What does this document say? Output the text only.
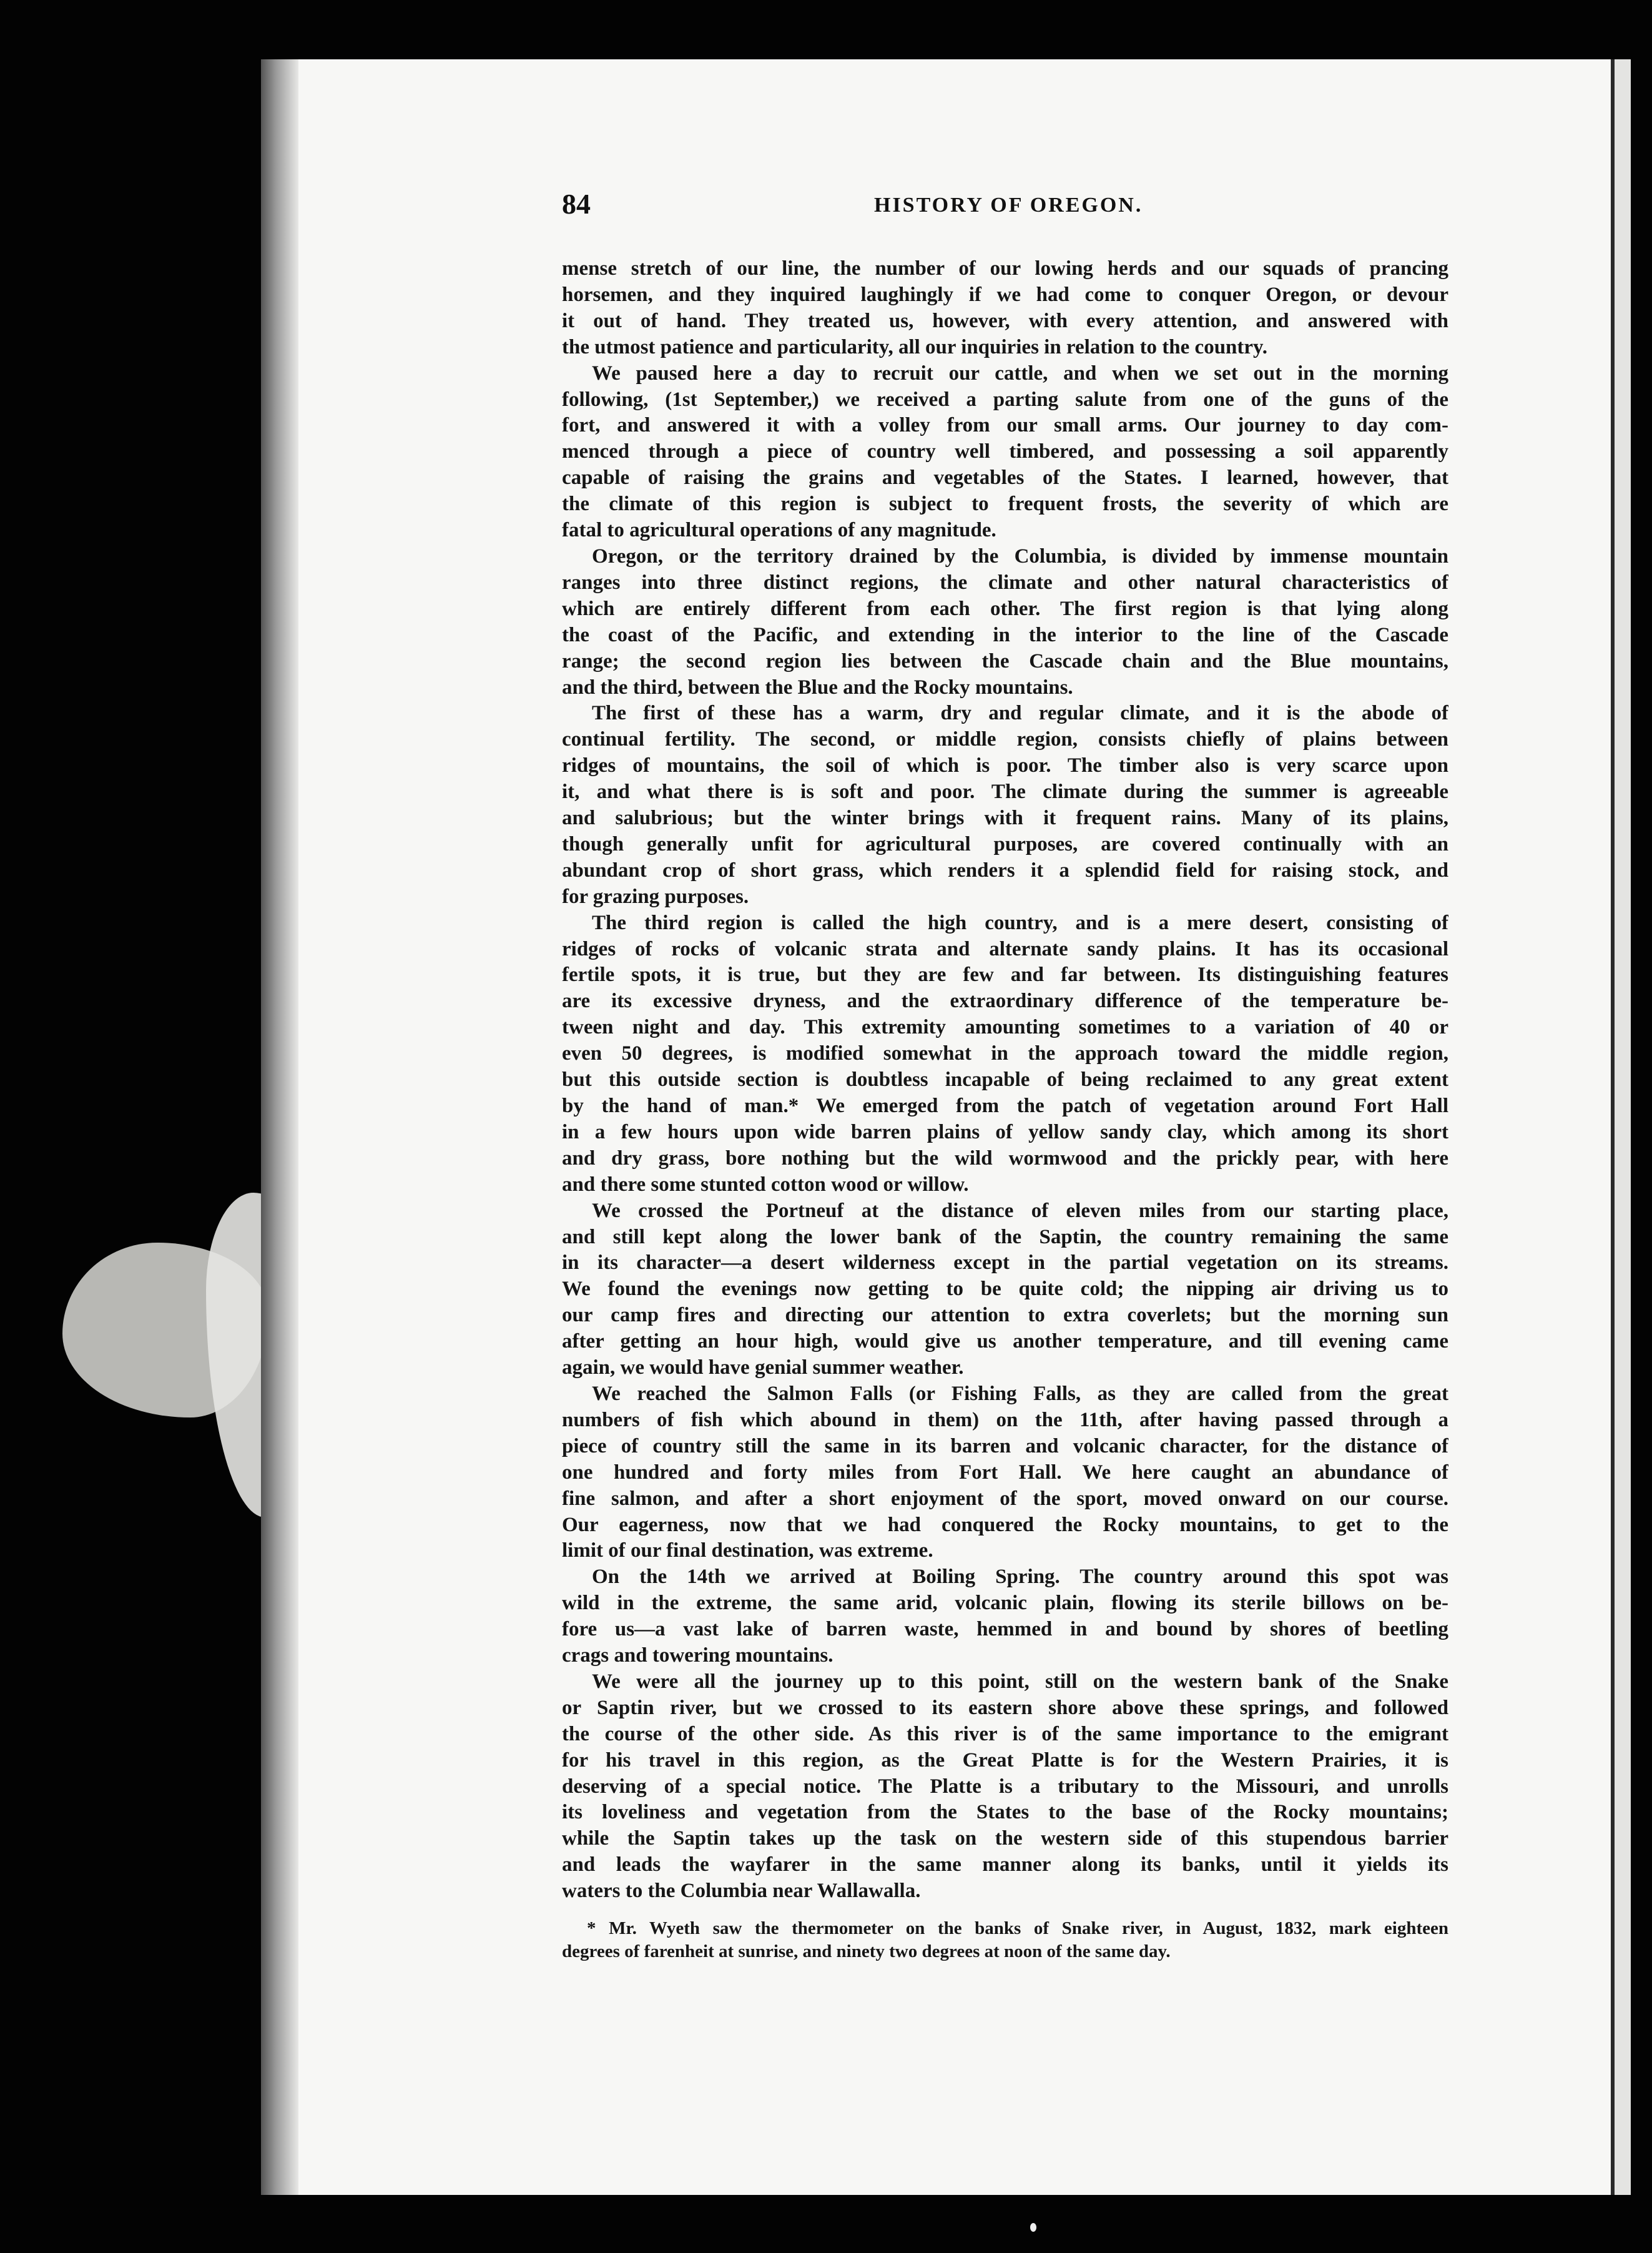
84	HISTORY OF OREGON.
mense stretch of our line, the number of our lowing herds and our squads of prancing
horsemen, and they inquired laughingly if we had come to conquer Oregon, or devour
it out of hand. They treated us, however, with every attention, and answered with
the utmost patience and particularity, all our inquiries in relation to the country.
We paused here a day to recruit our cattle, and when we set out in the morning
following, (1st September,) we received a parting salute from one of the guns of the
fort, and answered it with a volley from our small arms. Our journey to day com-
menced through a piece of country well timbered, and possessing a soil apparently
capable of raising the grains and vegetables of the States. I learned, however, that
the climate of this region is subject to frequent frosts, the severity of which are
fatal to agricultural operations of any magnitude.
Oregon, or the territory drained by the Columbia, is divided by immense mountain
ranges into three distinct regions, the climate and other natural characteristics of
which are entirely different from each other. The first region is that lying along
the coast of the Pacific, and extending in the interior to the line of the Cascade
range; the second region lies between the Cascade chain and the Blue mountains,
and the third, between the Blue and the Rocky mountains.
The first of these has a warm, dry and regular climate, and it is the abode of
continual fertility. The second, or middle region, consists chiefly of plains between
ridges of mountains, the soil of which is poor. The timber also is very scarce upon
it, and what there is is soft and poor. The climate during the summer is agreeable
and salubrious; but the winter brings with it frequent rains. Many of its plains,
though generally unfit for agricultural purposes, are covered continually with an
abundant crop of short grass, which renders it a splendid field for raising stock, and
for grazing purposes.
The third region is called the high country, and is a mere desert, consisting of
ridges of rocks of volcanic strata and alternate sandy plains. It has its occasional
fertile spots, it is true, but they are few and far between. Its distinguishing features
are its excessive dryness, and the extraordinary difference of the temperature be-
tween night and day. This extremity amounting sometimes to a variation of 40 or
even 50 degrees, is modified somewhat in the approach toward the middle region,
but this outside section is doubtless incapable of being reclaimed to any great extent
by the hand of man.* We emerged from the patch of vegetation around Fort Hall
in a few hours upon wide barren plains of yellow sandy clay, which among its short
and dry grass, bore nothing but the wild wormwood and the prickly pear, with here
and there some stunted cotton wood or willow.
We crossed the Portneuf at the distance of eleven miles from our starting place,
and still kept along the lower bank of the Saptin, the country remaining the same
in its character—a desert wilderness except in the partial vegetation on its streams.
We found the evenings now getting to be quite cold; the nipping air driving us to
our camp fires and directing our attention to extra coverlets; but the morning sun
after getting an hour high, would give us another temperature, and till evening came
again, we would have genial summer weather.
We reached the Salmon Falls (or Fishing Falls, as they are called from the great
numbers of fish which abound in them) on the 11th, after having passed through a
piece of country still the same in its barren and volcanic character, for the distance of
one hundred and forty miles from Fort Hall. We here caught an abundance of
fine salmon, and after a short enjoyment of the sport, moved onward on our course.
Our eagerness, now that we had conquered the Rocky mountains, to get to the
limit of our final destination, was extreme.
On the 14th we arrived at Boiling Spring. The country around this spot was
wild in the extreme, the same arid, volcanic plain, flowing its sterile billows on be-
fore us—a vast lake of barren waste, hemmed in and bound by shores of beetling
crags and towering mountains.
We were all the journey up to this point, still on the western bank of the Snake
or Saptin river, but we crossed to its eastern shore above these springs, and followed
the course of the other side. As this river is of the same importance to the emigrant
for his travel in this region, as the Great Platte is for the Western Prairies, it is
deserving of a special notice. The Platte is a tributary to the Missouri, and unrolls
its loveliness and vegetation from the States to the base of the Rocky mountains;
while the Saptin takes up the task on the western side of this stupendous barrier
and leads the wayfarer in the same manner along its banks, until it yields its
waters to the Columbia near Wallawalla.
* Mr. Wyeth saw the thermometer on the banks of Snake river, in August, 1832, mark eighteen
degrees of farenheit at sunrise, and ninety two degrees at noon of the same day.
